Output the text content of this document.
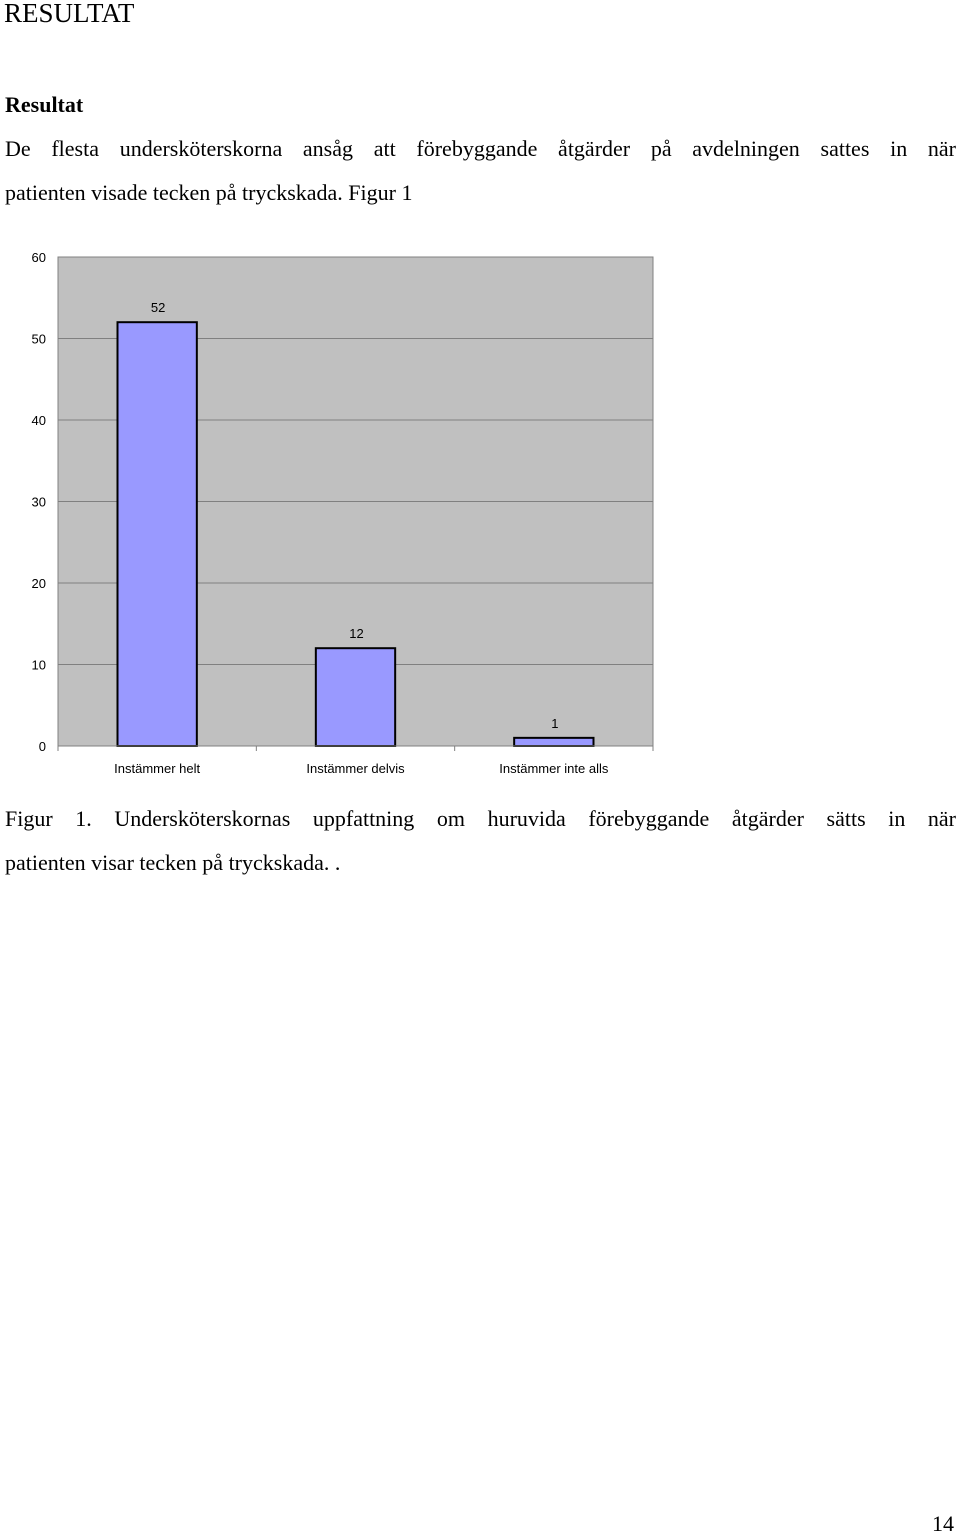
RESULTAT
Resultat
De flesta undersköterskorna ansåg att förebyggande åtgärder på avdelningen sattes in när
patienten visade tecken på tryckskada. Figur 1
0
10
20
30
40
50
60
52
12
1
Instämmer helt	Instämmer delvis	Instämmer inte alls
Figur 1. Undersköterskornas uppfattning om huruvida förebyggande åtgärder sätts in när
patienten visar tecken på tryckskada. .
14
